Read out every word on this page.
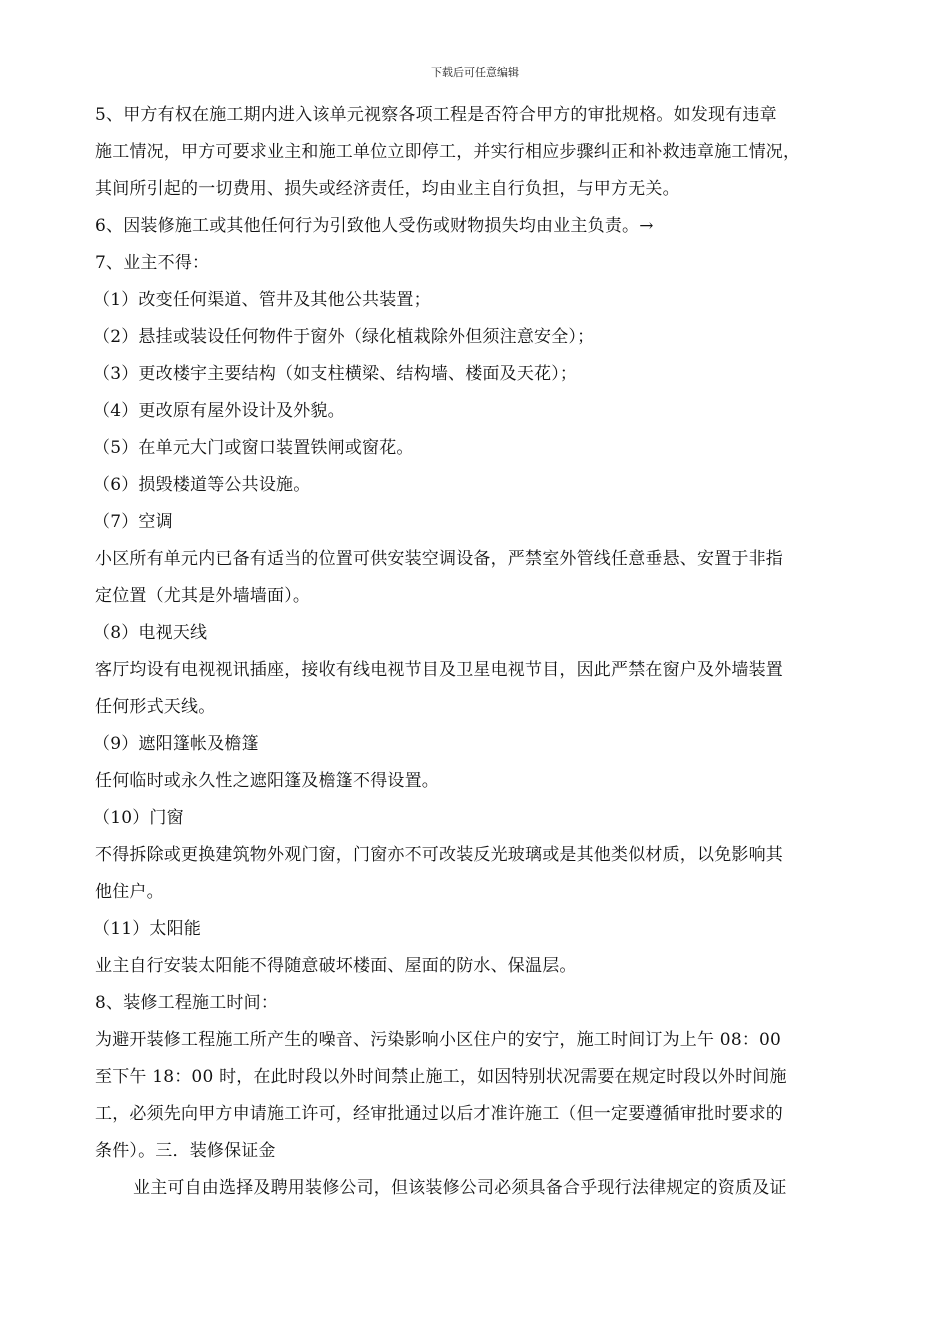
下载后可任意编辑
5、甲方有权在施工期内进入该单元视察各项工程是否符合甲方的审批规格。如发现有违章
施工情况，甲方可要求业主和施工单位立即停工，并实行相应步骤纠正和补救违章施工情况，
其间所引起的一切费用、损失或经济责任，均由业主自行负担，与甲方无关。
6、因装修施工或其他任何行为引致他人受伤或财物损失均由业主负责。→
7、业主不得：
（1）改变任何渠道、管井及其他公共装置；
（2）悬挂或装设任何物件于窗外（绿化植栽除外但须注意安全）；
（3）更改楼宇主要结构（如支柱横梁、结构墙、楼面及天花）；
（4）更改原有屋外设计及外貌。
（5）在单元大门或窗口装置铁闸或窗花。
（6）损毁楼道等公共设施。
（7）空调
小区所有单元内已备有适当的位置可供安装空调设备，严禁室外管线任意垂悬、安置于非指
定位置（尤其是外墙墙面）。
（8）电视天线
客厅均设有电视视讯插座，接收有线电视节目及卫星电视节目，因此严禁在窗户及外墙装置
任何形式天线。
（9）遮阳篷帐及檐篷
任何临时或永久性之遮阳篷及檐篷不得设置。
（10）门窗
不得拆除或更换建筑物外观门窗，门窗亦不可改装反光玻璃或是其他类似材质，以免影响其
他住户。
（11）太阳能
业主自行安装太阳能不得随意破坏楼面、屋面的防水、保温层。
8、装修工程施工时间：
为避开装修工程施工所产生的噪音、污染影响小区住户的安宁，施工时间订为上午 08：00
至下午 18：00 时，在此时段以外时间禁止施工，如因特别状况需要在规定时段以外时间施
工，必须先向甲方申请施工许可，经审批通过以后才准许施工（但一定要遵循审批时要求的
条件）。三．装修保证金
业主可自由选择及聘用装修公司，但该装修公司必须具备合乎现行法律规定的资质及证
